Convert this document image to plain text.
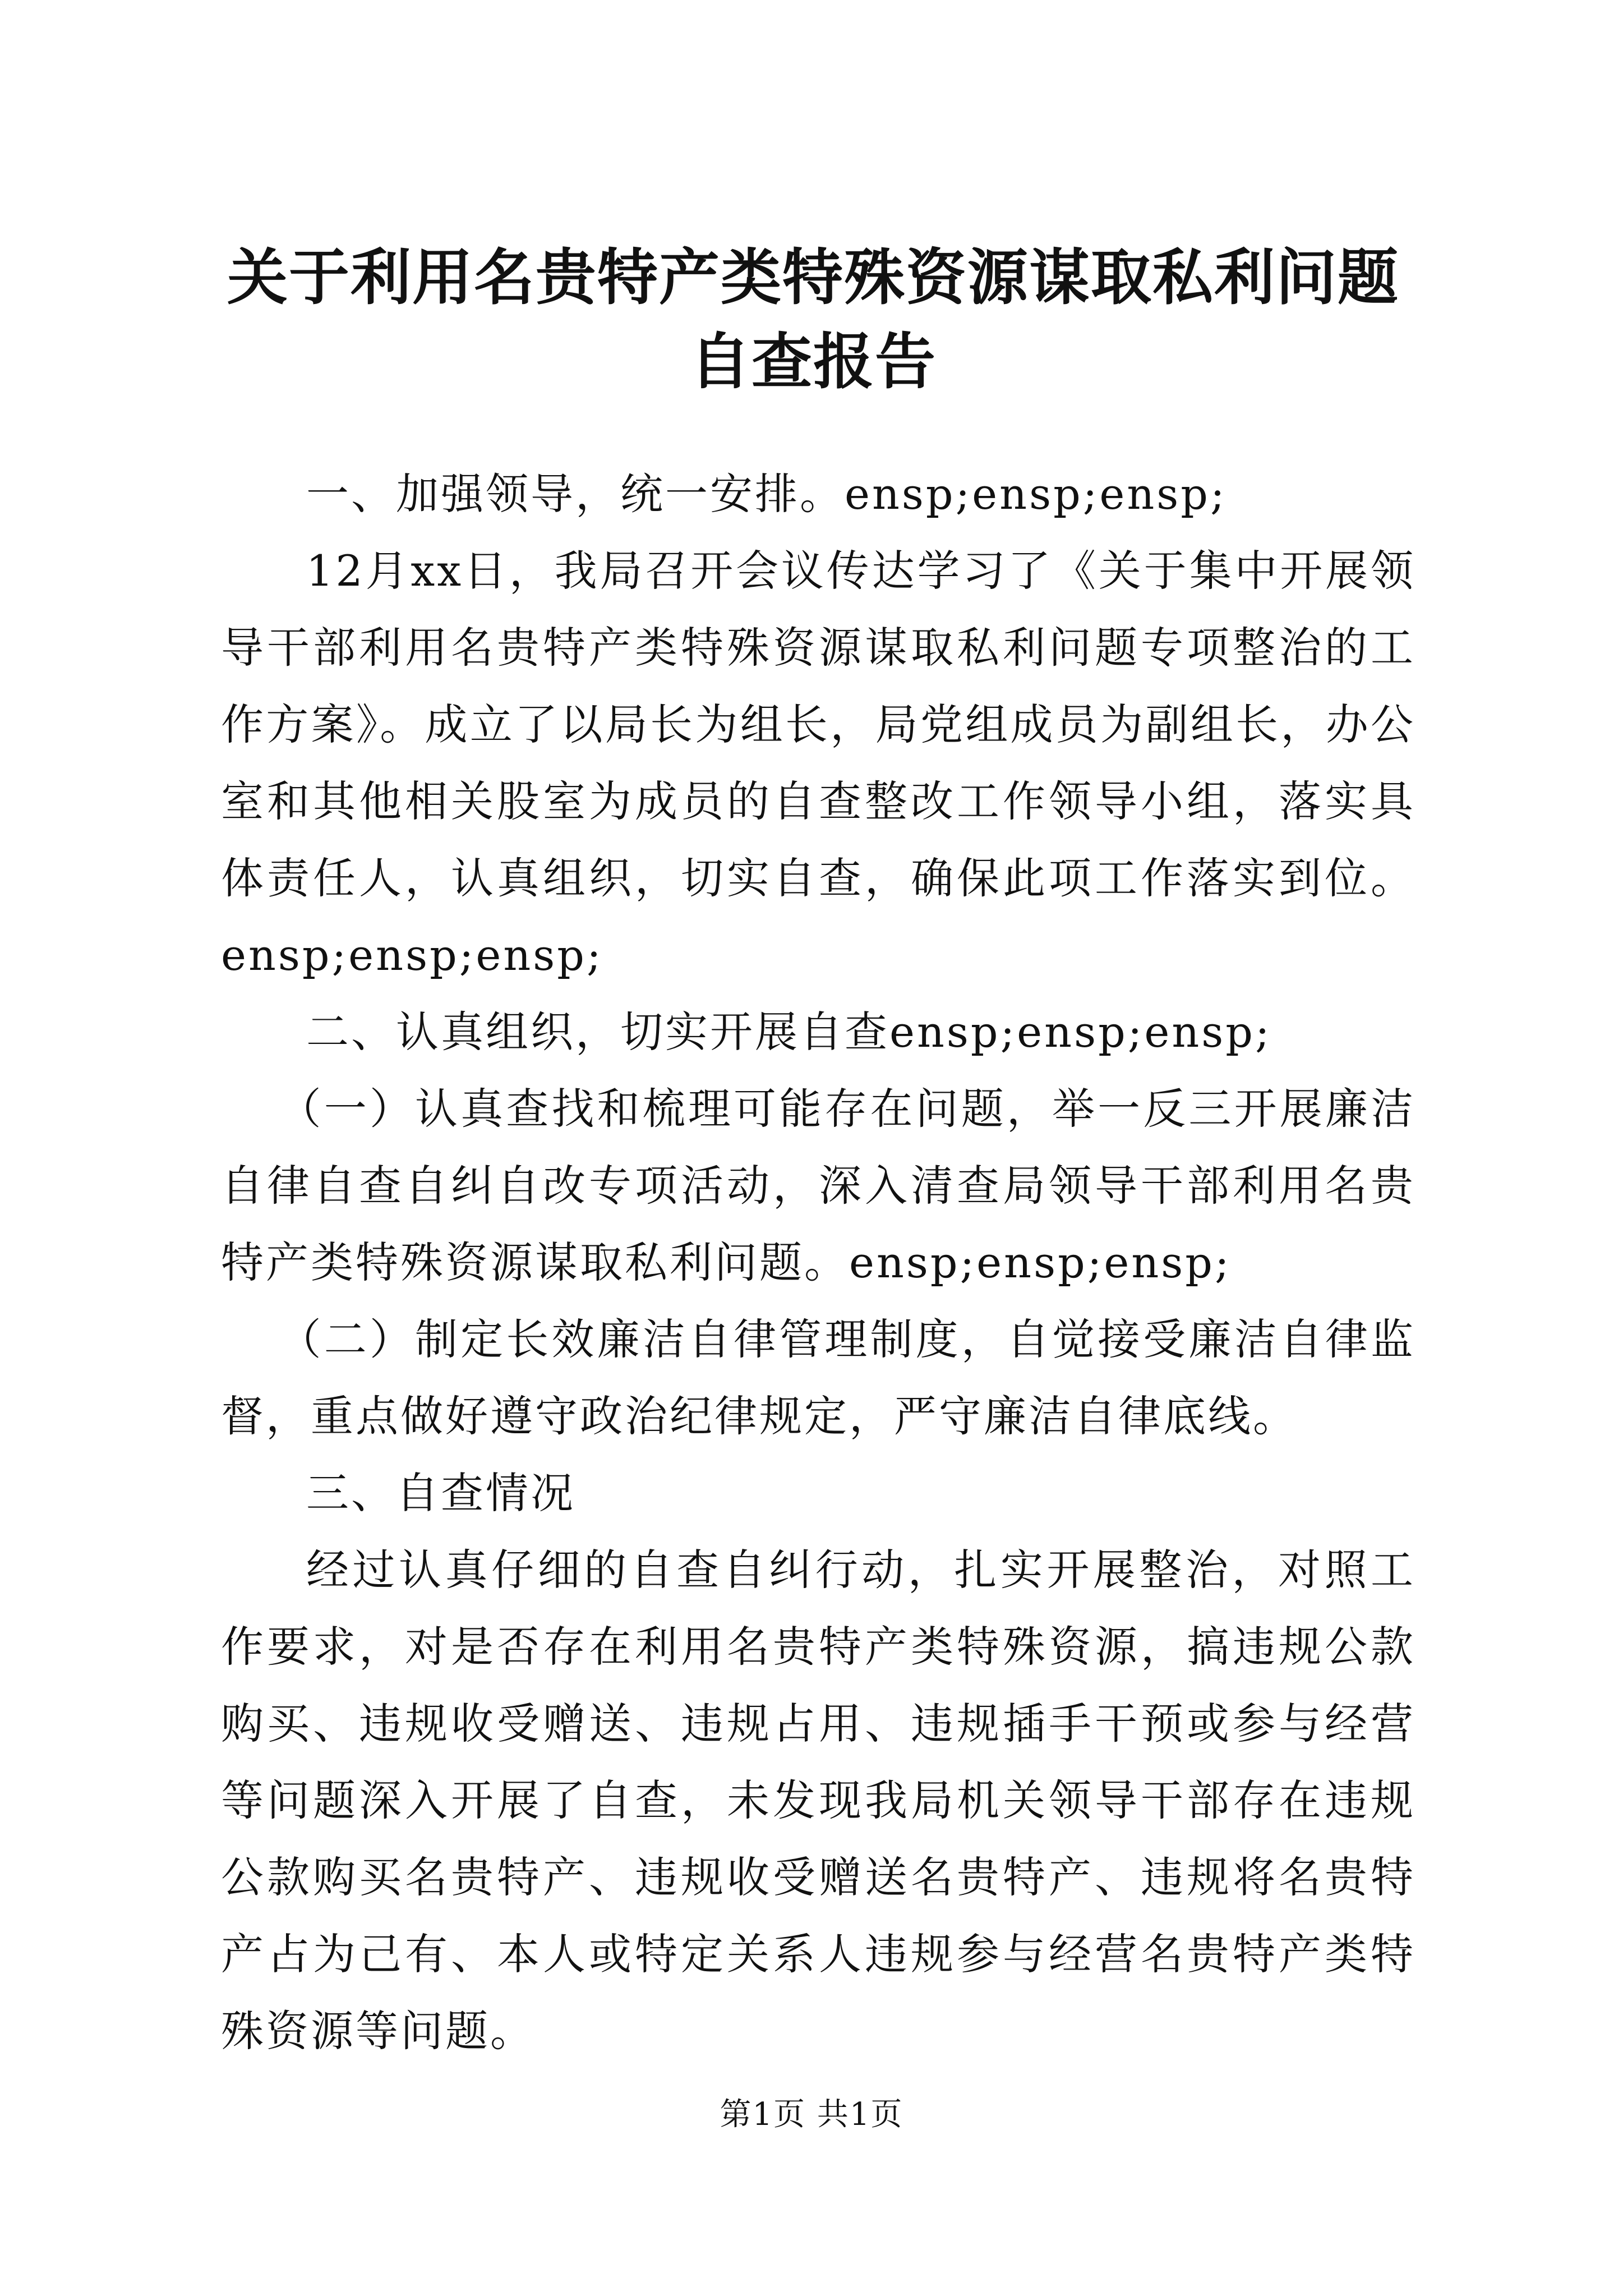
关于利用名贵特产类特殊资源谋取私利问题自查报告

一、加强领导，统一安排。ensp;ensp;ensp;

12月xx日，我局召开会议传达学习了《关于集中开展领导干部利用名贵特产类特殊资源谋取私利问题专项整治的工作方案》。成立了以局长为组长，局党组成员为副组长，办公室和其他相关股室为成员的自查整改工作领导小组，落实具体责任人，认真组织，切实自查，确保此项工作落实到位。ensp;ensp;ensp;

二、认真组织，切实开展自查ensp;ensp;ensp;

（一）认真查找和梳理可能存在问题，举一反三开展廉洁自律自查自纠自改专项活动，深入清查局领导干部利用名贵特产类特殊资源谋取私利问题。ensp;ensp;ensp;

（二）制定长效廉洁自律管理制度，自觉接受廉洁自律监督，重点做好遵守政治纪律规定，严守廉洁自律底线。

三、自查情况

经过认真仔细的自查自纠行动，扎实开展整治，对照工作要求，对是否存在利用名贵特产类特殊资源，搞违规公款购买、违规收受赠送、违规占用、违规插手干预或参与经营等问题深入开展了自查，未发现我局机关领导干部存在违规公款购买名贵特产、违规收受赠送名贵特产、违规将名贵特产占为己有、本人或特定关系人违规参与经营名贵特产类特殊资源等问题。

第1页 共1页
